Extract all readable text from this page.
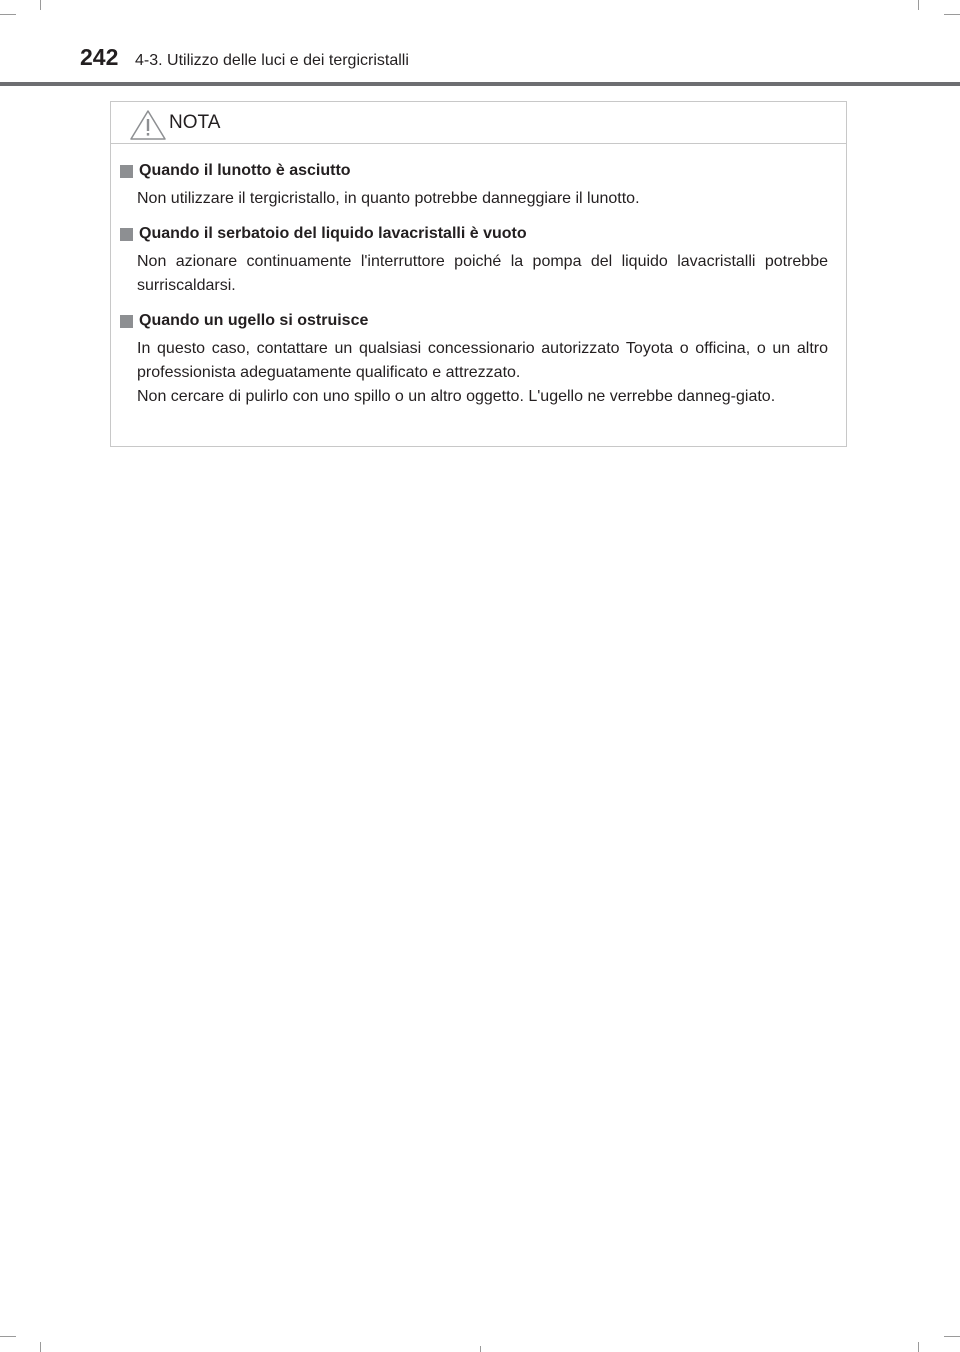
242 4-3. Utilizzo delle luci e dei tergicristalli
NOTA
Quando il lunotto è asciutto

Non utilizzare il tergicristallo, in quanto potrebbe danneggiare il lunotto.

Quando il serbatoio del liquido lavacristalli è vuoto

Non azionare continuamente l'interruttore poiché la pompa del liquido lavacristalli potrebbe surriscaldarsi.

Quando un ugello si ostruisce

In questo caso, contattare un qualsiasi concessionario autorizzato Toyota o officina, o un altro professionista adeguatamente qualificato e attrezzato.

Non cercare di pulirlo con uno spillo o un altro oggetto. L'ugello ne verrebbe danneg-giato.
